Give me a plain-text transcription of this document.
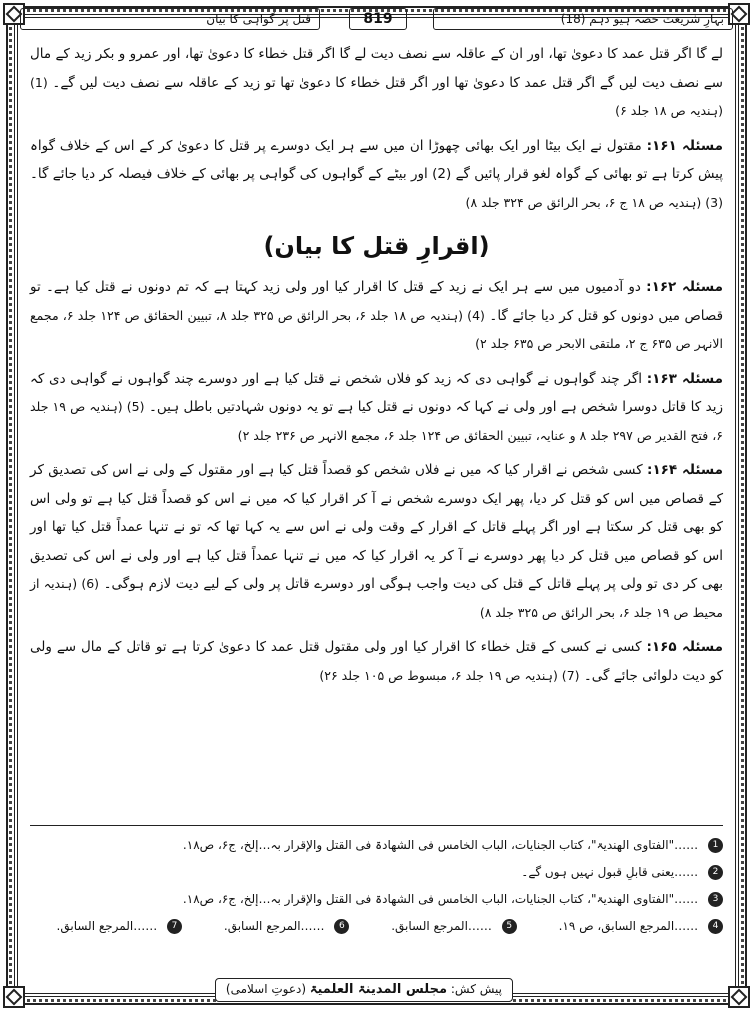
بہارِ شریعت حصہ ہیو دہم (18)
819
قتل پر گواہی کا بیان

لے گا اگر قتل عمد کا دعویٰ تھا، اور ان کے عاقلہ سے نصف دیت لے گا اگر قتل خطاء کا دعویٰ تھا، اور عمرو و بکر زید کے مال سے نصف دیت لیں گے اگر قتل عمد کا دعویٰ تھا اور اگر قتل خطاء کا دعویٰ تھا تو زید کے عاقلہ سے نصف دیت لیں گے۔ (1) (ہندیہ ص ۱۸ جلد ۶)

مسئلہ ۱۶۱: مقتول نے ایک بیٹا اور ایک بھائی چھوڑا ان میں سے ہر ایک دوسرے پر قتل کا دعویٰ کر کے اس کے خلاف گواہ پیش کرتا ہے تو بھائی کے گواہ لغو قرار پائیں گے (2) اور بیٹے کے گواہوں کی گواہی پر بھائی کے خلاف فیصلہ کر دیا جائے گا۔ (3) (ہندیہ ص ۱۸ ج ۶، بحر الرائق ص ۳۲۴ جلد ۸)

(اقرارِ قتل کا بیان)

مسئلہ ۱۶۲: دو آدمیوں میں سے ہر ایک نے زید کے قتل کا اقرار کیا اور ولی زید کہتا ہے کہ تم دونوں نے قتل کیا ہے۔ تو قصاص میں دونوں کو قتل کر دیا جائے گا۔ (4) (ہندیہ ص ۱۸ جلد ۶، بحر الرائق ص ۳۲۵ جلد ۸، تبیین الحقائق ص ۱۲۴ جلد ۶، مجمع الانہر ص ۶۳۵ ج ۲، ملتقی الابحر ص ۶۳۵ جلد ۲)

مسئلہ ۱۶۳: اگر چند گواہوں نے گواہی دی کہ زید کو فلاں شخص نے قتل کیا ہے اور دوسرے چند گواہوں نے گواہی دی کہ زید کا قاتل دوسرا شخص ہے اور ولی نے کہا کہ دونوں نے قتل کیا ہے تو یہ دونوں شہادتیں باطل ہیں۔ (5) (ہندیہ ص ۱۹ جلد ۶، فتح القدیر ص ۲۹۷ جلد ۸ و عنایہ، تبیین الحقائق ص ۱۲۴ جلد ۶، مجمع الانہر ص ۲۳۶ جلد ۲)

مسئلہ ۱۶۴: کسی شخص نے اقرار کیا کہ میں نے فلاں شخص کو قصداً قتل کیا ہے اور مقتول کے ولی نے اس کی تصدیق کر کے قصاص میں اس کو قتل کر دیا، پھر ایک دوسرے شخص نے آ کر اقرار کیا کہ میں نے اس کو قصداً قتل کیا ہے تو ولی اس کو بھی قتل کر سکتا ہے اور اگر پہلے قاتل کے اقرار کے وقت ولی نے اس سے یہ کہا تھا کہ تو نے تنہا عمداً قتل کیا تھا اور اس کو قصاص میں قتل کر دیا پھر دوسرے نے آ کر یہ اقرار کیا کہ میں نے تنہا عمداً قتل کیا ہے اور ولی نے اس کی تصدیق بھی کر دی تو ولی پر پہلے قاتل کے قتل کی دیت واجب ہوگی اور دوسرے قاتل پر ولی کے لیے دیت لازم ہوگی۔ (6) (ہندیہ از محیط ص ۱۹ جلد ۶، بحر الرائق ص ۳۲۵ جلد ۸)

مسئلہ ۱۶۵: کسی نے کسی کے قتل خطاء کا اقرار کیا اور ولی مقتول قتل عمد کا دعویٰ کرتا ہے تو قاتل کے مال سے ولی کو دیت دلوائی جائے گی۔ (7) (ہندیہ ص ۱۹ جلد ۶، مبسوط ص ۱۰۵ جلد ۲۶)

1 ……"الفتاوی الھندیۃ"، کتاب الجنایات، الباب الخامس فی الشھادۃ فی القتل والإقرار بہ…إلخ، ج۶، ص۱۸.
2 ……یعنی قابلِ قبول نہیں ہوں گے۔
3 ……"الفتاوی الھندیۃ"، کتاب الجنایات، الباب الخامس فی الشھادۃ فی القتل والإقرار بہ…إلخ، ج۶، ص۱۸.
4 ……المرجع السابق، ص ۱۹. 5 ……المرجع السابق. 6 ……المرجع السابق. 7 ……المرجع السابق.
پیش کش: مجلس المدینۃ العلمیۃ (دعوتِ اسلامی)
